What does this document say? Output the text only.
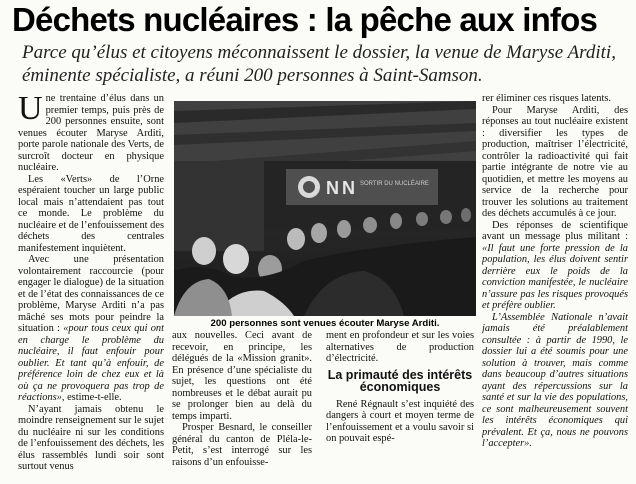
Déchets nucléaires : la pêche aux infos

Parce qu’élus et citoyens méconnaissent le dossier, la venue de Maryse Arditi, éminente spécialiste, a réuni 200 personnes à Saint-Samson.

Une trentaine d’élus dans un premier temps, puis près de 200 personnes ensuite, sont venues écouter Maryse Arditi, porte parole nationale des Verts, de surcroît docteur en physique nucléaire.

Les «Verts» de l’Orne espéraient toucher un large public local mais n’attendaient pas tout ce monde. Le problème du nucléaire et de l’enfouissement des déchets des centrales manifestement inquiètent.

Avec une présentation volontairement raccourcie (pour engager le dialogue) de la situation et de l’état des connaissances de ce problème, Maryse Arditi n’a pas mâché ses mots pour peindre la situation : «pour tous ceux qui ont en charge le problème du nucléaire, il faut enfouir pour oublier. Et tant qu’à enfouir, de préférence loin de chez eux et là où ça ne provoquera pas trop de réactions», estime-t-elle.

N’ayant jamais obtenu le moindre renseignement sur le sujet du nucléaire ni sur les conditions de l’enfouissement des déchets, les élus rassemblés lundi soir sont surtout venus

N N SORTIR DU NUCLÉAIRE
200 personnes sont venues écouter Maryse Arditi.

aux nouvelles. Ceci avant de recevoir, en principe, les délégués de la «Mission granit». En présence d’une spécialiste du sujet, les questions ont été nombreuses et le débat aurait pu se prolonger bien au delà du temps imparti.

Prosper Besnard, le conseiller général du canton de Pléla-le-Petit, s’est interrogé sur les raisons d’un enfouisse-

ment en profondeur et sur les voies alternatives de production d’électricité.

La primauté des intérêts économiques

René Régnault s’est inquiété des dangers à court et moyen terme de l’enfouissement et a voulu savoir si on pouvait espé-

rer éliminer ces risques latents.

Pour Maryse Arditi, des réponses au tout nucléaire existent : diversifier les types de production, maîtriser l’électricité, contrôler la radioactivité qui fait partie intégrante de notre vie au quotidien, et mettre les moyens au service de la recherche pour trouver les solutions au traitement des déchets accumulés à ce jour.

Des réponses de scientifique avant un message plus militant : «Il faut une forte pression de la population, les élus doivent sentir derrière eux le poids de la conviction manifestée, le nucléaire n’assure pas les risques provoqués et préfère oublier.

L’Assemblée Nationale n’avait jamais été préalablement consultée : à partir de 1990, le dossier lui a été soumis pour une solution à trouver, mais comme dans beaucoup d’autres situations ayant des répercussions sur la santé et sur la vie des populations, ce sont malheureusement souvent les intérêts économiques qui prévalent. Et ça, nous ne pouvons l’accepter».
